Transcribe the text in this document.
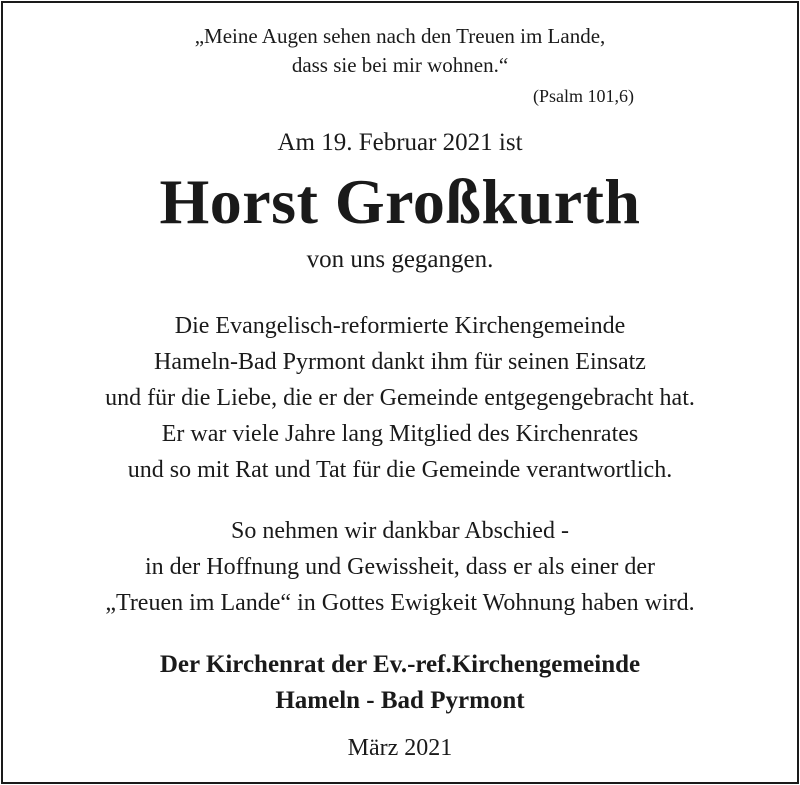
„Meine Augen sehen nach den Treuen im Lande,
dass sie bei mir wohnen.“
(Psalm 101,6)
Am 19. Februar 2021 ist
Horst Großkurth
von uns gegangen.
Die Evangelisch-reformierte Kirchengemeinde
Hameln-Bad Pyrmont dankt ihm für seinen Einsatz
und für die Liebe, die er der Gemeinde entgegengebracht hat.
Er war viele Jahre lang Mitglied des Kirchenrates
und so mit Rat und Tat für die Gemeinde verantwortlich.
So nehmen wir dankbar Abschied -
in der Hoffnung und Gewissheit, dass er als einer der
„Treuen im Lande“ in Gottes Ewigkeit Wohnung haben wird.
Der Kirchenrat der Ev.-ref.Kirchengemeinde
Hameln - Bad Pyrmont
März 2021
